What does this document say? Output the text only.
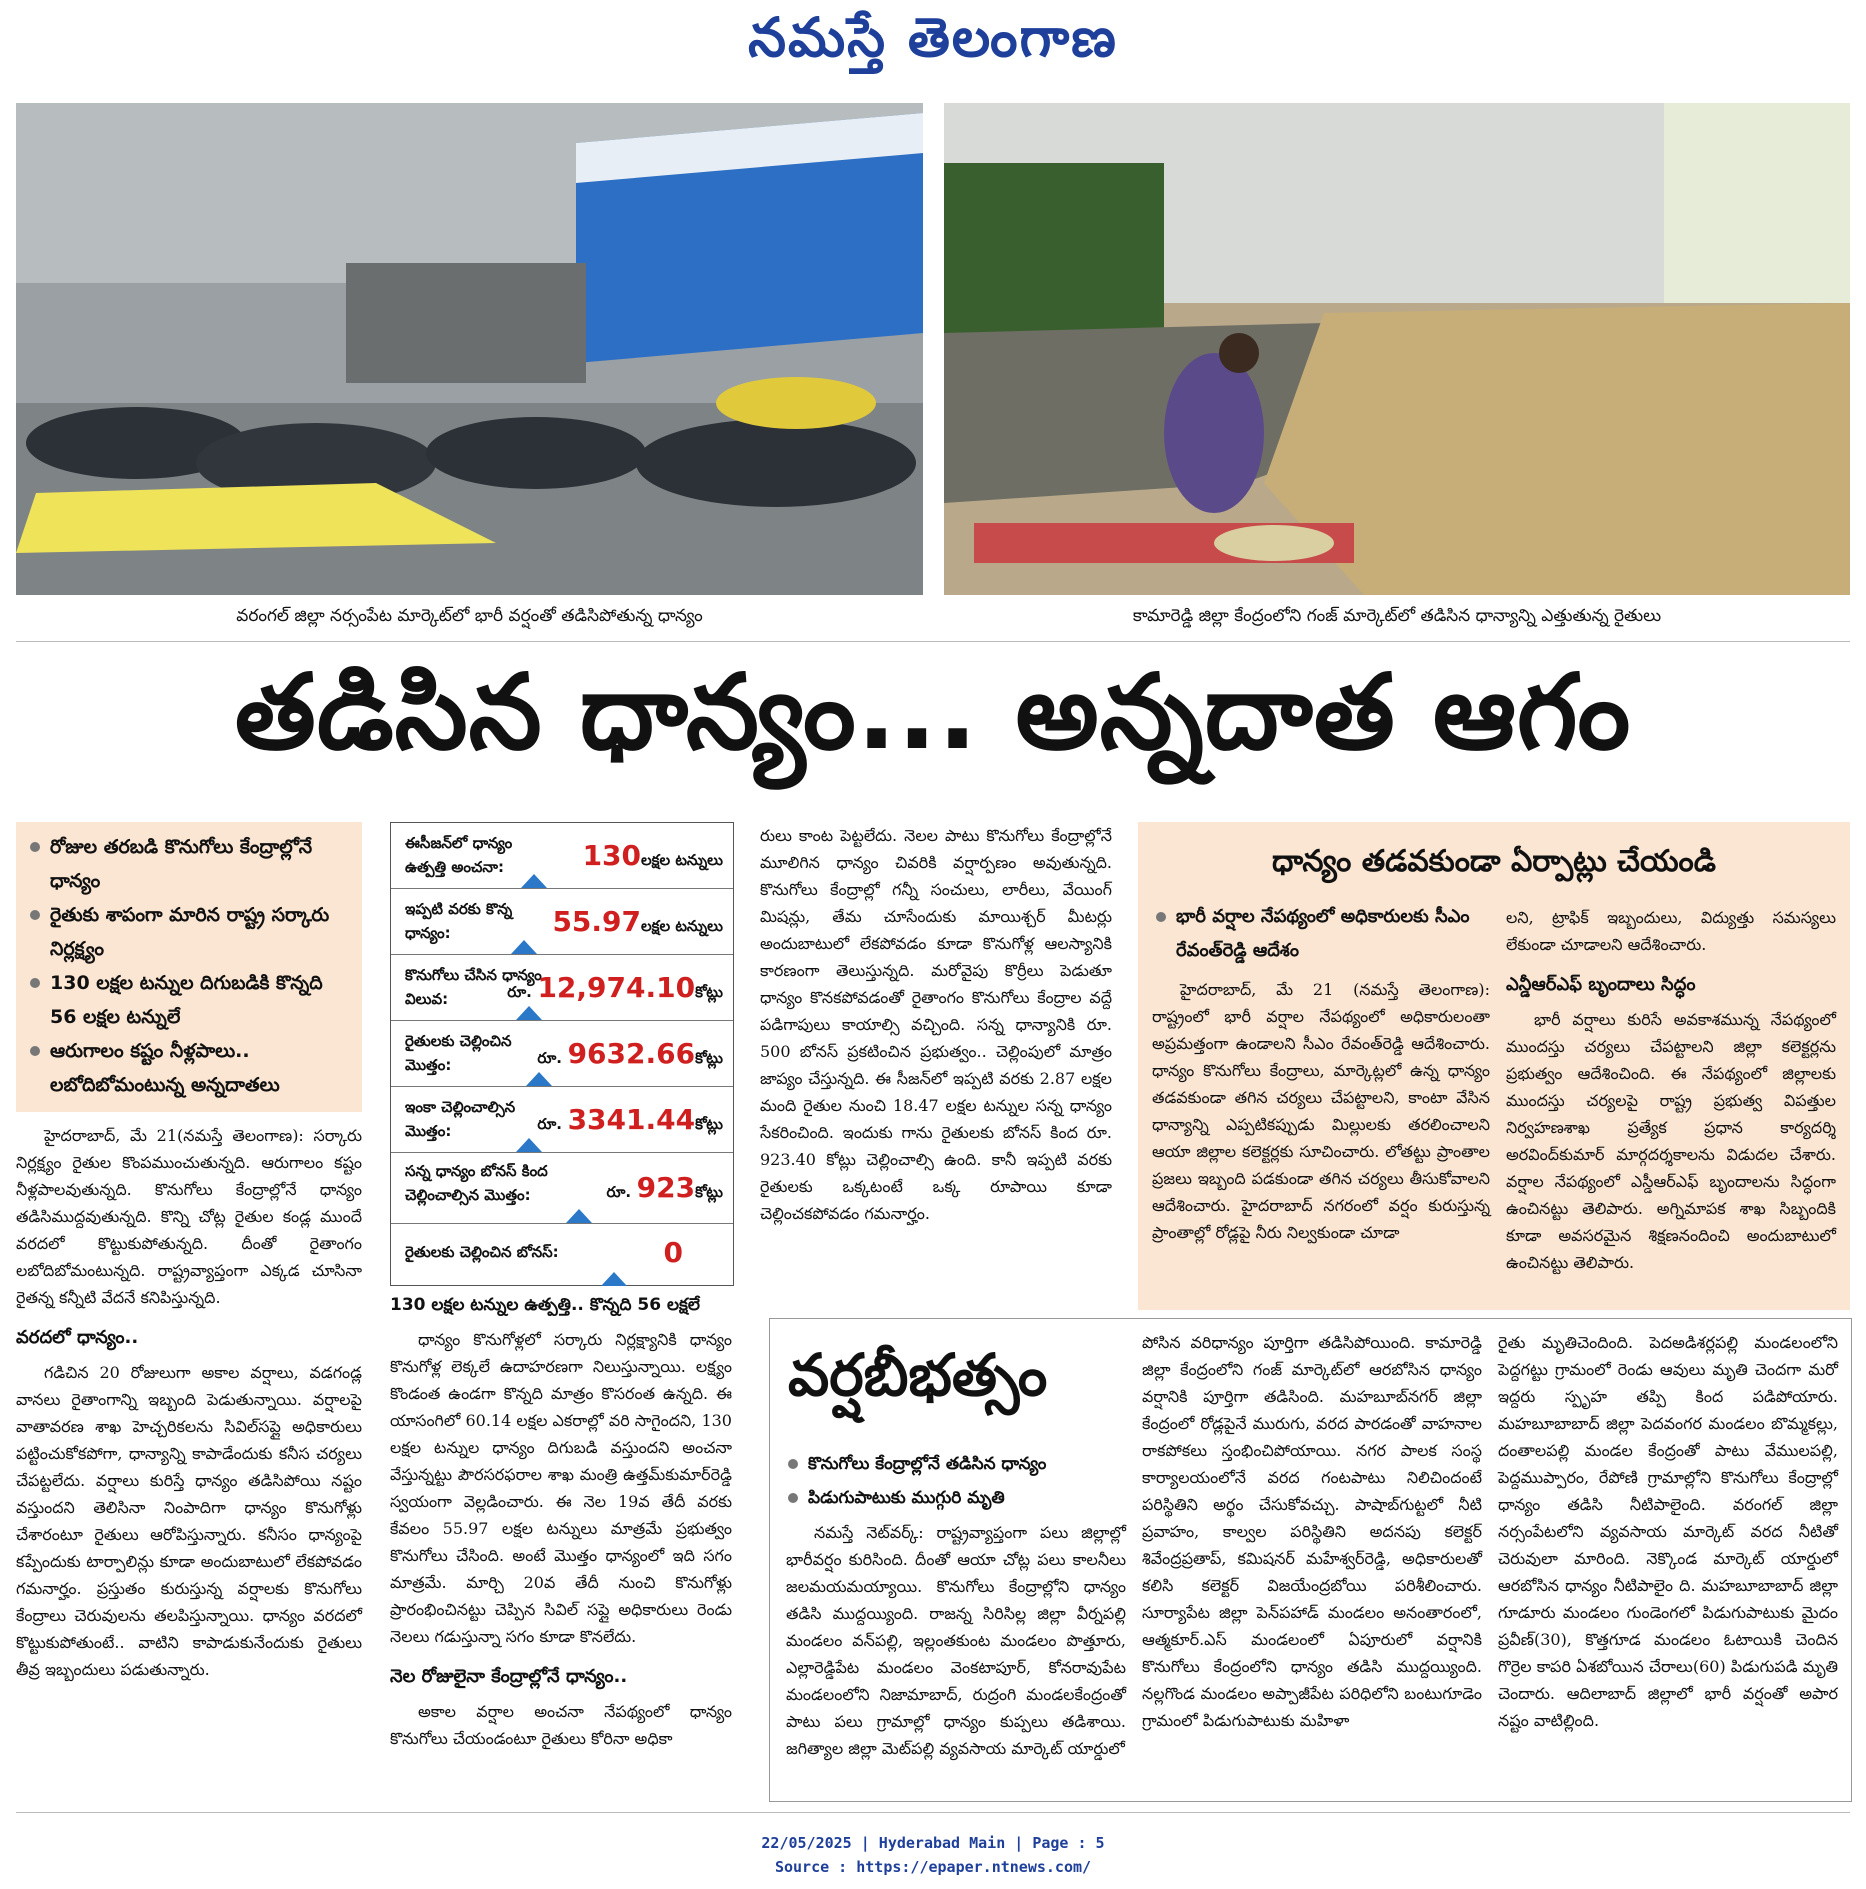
నమస్తే తెలంగాణ
వరంగల్ జిల్లా నర్సంపేట మార్కెట్‌లో భారీ వర్షంతో తడిసిపోతున్న ధాన్యం	కామారెడ్డి జిల్లా కేంద్రంలోని గంజ్ మార్కెట్‌లో తడిసిన ధాన్యాన్ని ఎత్తుతున్న రైతులు
తడిసిన ధాన్యం... అన్నదాత ఆగం
రోజుల తరబడి కొనుగోలు కేంద్రాల్లోనే ధాన్యం
రైతుకు శాపంగా మారిన రాష్ట్ర సర్కారు నిర్లక్ష్యం
130 లక్షల టన్నుల దిగుబడికి కొన్నది 56 లక్షల టన్నులే
ఆరుగాలం కష్టం నీళ్లపాలు.. లబోదిబోమంటున్న అన్నదాతలు

హైదరాబాద్, మే 21(నమస్తే తెలంగాణ): సర్కారు నిర్లక్ష్యం రైతుల కొంపముంచుతున్నది. ఆరుగాలం కష్టం నీళ్లపాలవుతున్నది. కొనుగోలు కేంద్రాల్లోనే ధాన్యం తడిసిముద్దవుతున్నది. కొన్ని చోట్ల రైతుల కండ్ల ముందే వరదలో కొట్టుకుపోతున్నది. దీంతో రైతాంగం లబోదిబోమంటున్నది. రాష్ట్రవ్యాప్తంగా ఎక్కడ చూసినా రైతన్న కన్నీటి వేదనే కనిపిస్తున్నది.

వరదలో ధాన్యం..

గడిచిన 20 రోజులుగా అకాల వర్షాలు, వడగండ్ల వానలు రైతాంగాన్ని ఇబ్బంది పెడుతున్నాయి. వర్షాలపై వాతావరణ శాఖ హెచ్చరికలను సివిల్‌సప్లై అధికారులు పట్టించుకోకపోగా, ధాన్యాన్ని కాపాడేందుకు కనీస చర్యలు చేపట్టలేదు. వర్షాలు కురిస్తే ధాన్యం తడిసిపోయి నష్టం వస్తుందని తెలిసినా నింపాదిగా ధాన్యం కొనుగోళ్లు చేశారంటూ రైతులు ఆరోపిస్తున్నారు. కనీసం ధాన్యంపై కప్పేందుకు టార్పాలిన్లు కూడా అందుబాటులో లేకపోవడం గమనార్హం. ప్రస్తుతం కురుస్తున్న వర్షాలకు కొనుగోలు కేంద్రాలు చెరువులను తలపిస్తున్నాయి. ధాన్యం వరదలో కొట్టుకుపోతుంటే.. వాటిని కాపాడుకునేందుకు రైతులు తీవ్ర ఇబ్బందులు పడుతున్నారు.

ఈసీజన్‌లో ధాన్యం ఉత్పత్తి అంచనా:	130లక్షల టన్నులు
ఇప్పటి వరకు కొన్న ధాన్యం:	55.97లక్షల టన్నులు
కొనుగోలు చేసిన ధాన్యం విలువ:	రూ. 12,974.10కోట్లు
రైతులకు చెల్లించిన మొత్తం:	రూ. 9632.66కోట్లు
ఇంకా చెల్లించాల్సిన మొత్తం:	రూ. 3341.44కోట్లు
సన్న ధాన్యం బోనస్ కింద చెల్లించాల్సిన మొత్తం:	రూ. 923కోట్లు
రైతులకు చెల్లించిన బోనస్:	0
130 లక్షల టన్నుల ఉత్పత్తి.. కొన్నది 56 లక్షలే

ధాన్యం కొనుగోళ్లలో సర్కారు నిర్లక్ష్యానికి ధాన్యం కొనుగోళ్ల లెక్కలే ఉదాహరణగా నిలుస్తున్నాయి. లక్ష్యం కొండంత ఉండగా కొన్నది మాత్రం కొసరంత ఉన్నది. ఈ యాసంగిలో 60.14 లక్షల ఎకరాల్లో వరి సాగైందని, 130 లక్షల టన్నుల ధాన్యం దిగుబడి వస్తుందని అంచనా వేస్తున్నట్టు పౌరసరఫరాల శాఖ మంత్రి ఉత్తమ్‌కుమార్‌రెడ్డి స్వయంగా వెల్లడించారు. ఈ నెల 19వ తేదీ వరకు కేవలం 55.97 లక్షల టన్నులు మాత్రమే ప్రభుత్వం కొనుగోలు చేసింది. అంటే మొత్తం ధాన్యంలో ఇది సగం మాత్రమే. మార్చి 20వ తేదీ నుంచి కొనుగోళ్లు ప్రారంభించినట్టు చెప్పిన సివిల్ సప్లై అధికారులు రెండు నెలలు గడుస్తున్నా సగం కూడా కొనలేదు.

నెల రోజులైనా కేంద్రాల్లోనే ధాన్యం..

అకాల వర్షాల అంచనా నేపథ్యంలో ధాన్యం కొనుగోలు చేయండంటూ రైతులు కోరినా అధికా

రులు కాంట పెట్టలేదు. నెలల పాటు కొనుగోలు కేంద్రాల్లోనే మూలిగిన ధాన్యం చివరికి వర్షార్పణం అవుతున్నది. కొనుగోలు కేంద్రాల్లో గన్నీ సంచులు, లారీలు, వేయింగ్ మిషన్లు, తేమ చూసేందుకు మాయిశ్చర్ మీటర్లు అందుబాటులో లేకపోవడం కూడా కొనుగోళ్ల ఆలస్యానికి కారణంగా తెలుస్తున్నది. మరోవైపు కొర్రీలు పెడుతూ ధాన్యం కొనకపోవడంతో రైతాంగం కొనుగోలు కేంద్రాల వద్దే పడిగాపులు కాయాల్సి వచ్చింది. సన్న ధాన్యానికి రూ. 500 బోనస్ ప్రకటించిన ప్రభుత్వం.. చెల్లింపులో మాత్రం జాప్యం చేస్తున్నది. ఈ సీజన్‌లో ఇప్పటి వరకు 2.87 లక్షల మంది రైతుల నుంచి 18.47 లక్షల టన్నుల సన్న ధాన్యం సేకరించింది. ఇందుకు గాను రైతులకు బోనస్ కింద రూ. 923.40 కోట్లు చెల్లించాల్సి ఉంది. కానీ ఇప్పటి వరకు రైతులకు ఒక్కటంటే ఒక్క రూపాయి కూడా చెల్లించకపోవడం గమనార్హం.

ధాన్యం తడవకుండా ఏర్పాట్లు చేయండి
భారీ వర్షాల నేపథ్యంలో అధికారులకు సీఎం రేవంత్‌రెడ్డి ఆదేశం

హైదరాబాద్, మే 21 (నమస్తే తెలంగాణ): రాష్ట్రంలో భారీ వర్షాల నేపథ్యంలో అధికారులంతా అప్రమత్తంగా ఉండాలని సీఎం రేవంత్‌రెడ్డి ఆదేశించారు. ధాన్యం కొనుగోలు కేంద్రాలు, మార్కెట్లలో ఉన్న ధాన్యం తడవకుండా తగిన చర్యలు చేపట్టాలని, కాంటా వేసిన ధాన్యాన్ని ఎప్పటికప్పుడు మిల్లులకు తరలించాలని ఆయా జిల్లాల కలెక్టర్లకు సూచించారు. లోతట్టు ప్రాంతాల ప్రజలు ఇబ్బంది పడకుండా తగిన చర్యలు తీసుకోవాలని ఆదేశించారు. హైదరాబాద్ నగరంలో వర్షం కురుస్తున్న ప్రాంతాల్లో రోడ్లపై నీరు నిల్వకుండా చూడా

లని, ట్రాఫిక్ ఇబ్బందులు, విద్యుత్తు సమస్యలు లేకుండా చూడాలని ఆదేశించారు.

ఎన్డీఆర్ఎఫ్ బృందాలు సిద్ధం

భారీ వర్షాలు కురిసే అవకాశమున్న నేపథ్యంలో ముందస్తు చర్యలు చేపట్టాలని జిల్లా కలెక్టర్లను ప్రభుత్వం ఆదేశించింది. ఈ నేపథ్యంలో జిల్లాలకు ముందస్తు చర్యలపై రాష్ట్ర ప్రభుత్వ విపత్తుల నిర్వహణశాఖ ప్రత్యేక ప్రధాన కార్యదర్శి అరవింద్‌కుమార్ మార్గదర్శకాలను విడుదల చేశారు. వర్షాల నేపథ్యంలో ఎస్డీఆర్ఎఫ్ బృందాలను సిద్ధంగా ఉంచినట్టు తెలిపారు. అగ్నిమాపక శాఖ సిబ్బందికి కూడా అవసరమైన శిక్షణనందించి అందుబాటులో ఉంచినట్టు తెలిపారు.

వర్షబీభత్సం
కొనుగోలు కేంద్రాల్లోనే తడిసిన ధాన్యం
పిడుగుపాటుకు ముగ్గురి మృతి

నమస్తే నెట్‌వర్క్: రాష్ట్రవ్యాప్తంగా పలు జిల్లాల్లో భారీవర్షం కురిసింది. దీంతో ఆయా చోట్ల పలు కాలనీలు జలమయమయ్యాయి. కొనుగోలు కేంద్రాల్లోని ధాన్యం తడిసి ముద్దయ్యింది. రాజన్న సిరిసిల్ల జిల్లా వీర్నపల్లి మండలం వన్‌పల్లి, ఇల్లంతకుంట మండలం పొత్తూరు, ఎల్లారెడ్డిపేట మండలం వెంకటాపూర్, కోనరావుపేట మండలంలోని నిజామాబాద్, రుద్రంగి మండలకేంద్రంతో పాటు పలు గ్రామాల్లో ధాన్యం కుప్పలు తడిశాయి. జగిత్యాల జిల్లా మెట్‌పల్లి వ్యవసాయ మార్కెట్ యార్డులో

పోసిన వరిధాన్యం పూర్తిగా తడిసిపోయింది. కామారెడ్డి జిల్లా కేంద్రంలోని గంజ్ మార్కెట్‌లో ఆరబోసిన ధాన్యం వర్షానికి పూర్తిగా తడిసింది. మహబూబ్‌నగర్ జిల్లా కేంద్రంలో రోడ్లపైనే మురుగు, వరద పారడంతో వాహనాల రాకపోకలు స్తంభించిపోయాయి. నగర పాలక సంస్థ కార్యాలయంలోనే వరద గంటపాటు నిలిచిందంటే పరిస్థితిని అర్థం చేసుకోవచ్చు. పాషాబ్‌గుట్టలో నీటి ప్రవాహం, కాల్వల పరిస్థితిని అదనపు కలెక్టర్ శివేంద్రప్రతాప్, కమిషనర్ మహేశ్వర్‌రెడ్డి, అధికారులతో కలిసి కలెక్టర్ విజయేంద్రబోయి పరిశీలించారు. సూర్యాపేట జిల్లా పెన్‌పహాడ్ మండలం అనంతారంలో, ఆత్మకూర్.ఎస్ మండలంలో ఏపూరులో వర్షానికి కొనుగోలు కేంద్రంలోని ధాన్యం తడిసి ముద్దయ్యింది. నల్లగొండ మండలం అప్పాజీపేట పరిధిలోని బంటుగూడెం గ్రామంలో పిడుగుపాటుకు మహిళా

రైతు మృతిచెందింది. పెదఅడిశర్లపల్లి మండలంలోని పెద్దగట్టు గ్రామంలో రెండు ఆవులు మృతి చెందగా మరో ఇద్దరు స్పృహ తప్పి కింద పడిపోయారు. మహబూబాబాద్ జిల్లా పెదవంగర మండలం బొమ్మకల్లు, దంతాలపల్లి మండల కేంద్రంతో పాటు వేములపల్లి, పెద్దముప్పారం, రేపోణి గ్రామాల్లోని కొనుగోలు కేంద్రాల్లో ధాన్యం తడిసి నీటిపాలైంది. వరంగల్ జిల్లా నర్సంపేటలోని వ్యవసాయ మార్కెట్ వరద నీటితో చెరువులా మారింది. నెక్కొండ మార్కెట్ యార్డులో ఆరబోసిన ధాన్యం నీటిపాలైం ది. మహబూబాబాద్ జిల్లా గూడూరు మండలం గుండెంగలో పిడుగుపాటుకు మైదం ప్రవీణ్(30), కొత్తగూడ మండలం ఓటాయికి చెందిన గొర్రెల కాపరి ఏశబోయిన చేరాలు(60) పిడుగుపడి మృతి చెందారు. ఆదిలాబాద్ జిల్లాలో భారీ వర్షంతో అపార నష్టం వాటిల్లింది.

22/05/2025 | Hyderabad Main | Page : 5
Source : https://epaper.ntnews.com/
